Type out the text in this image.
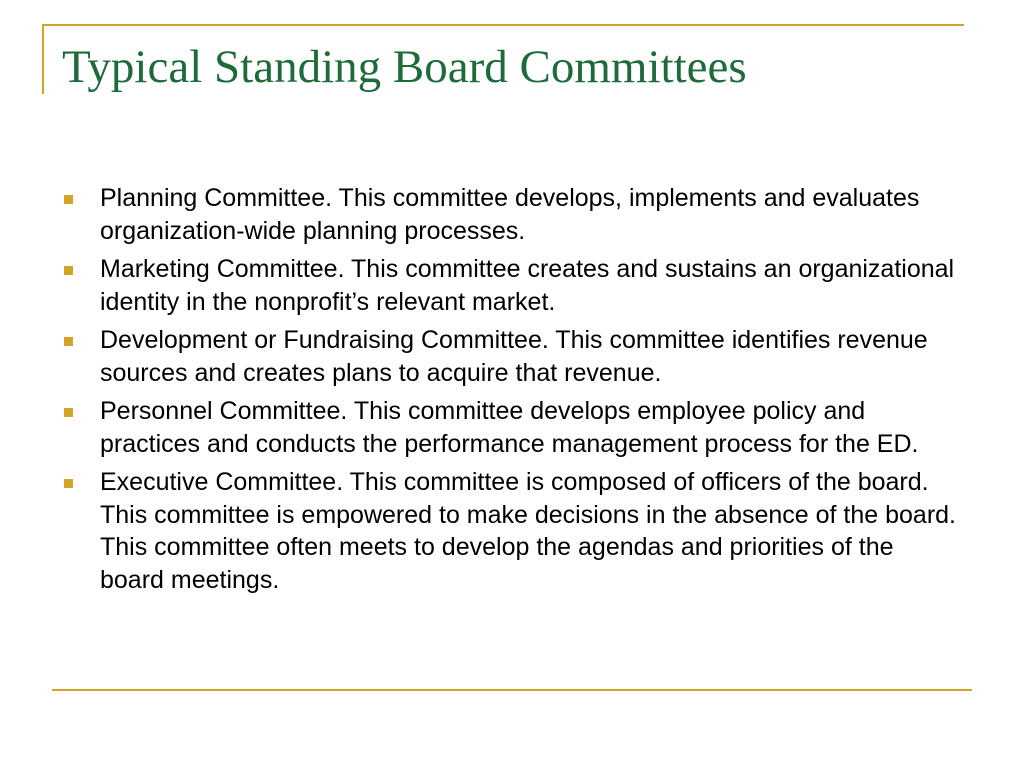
Typical Standing Board Committees
Planning Committee. This committee develops, implements and evaluates organization-wide planning processes.
Marketing Committee. This committee creates and sustains an organizational identity in the nonprofit’s relevant market.
Development or Fundraising Committee. This committee identifies revenue sources and creates plans to acquire that revenue.
Personnel Committee. This committee develops employee policy and practices and conducts the performance management process for the ED.
Executive Committee. This committee is composed of officers of the board. This committee is empowered to make decisions in the absence of the board. This committee often meets to develop the agendas and priorities of the board meetings.
